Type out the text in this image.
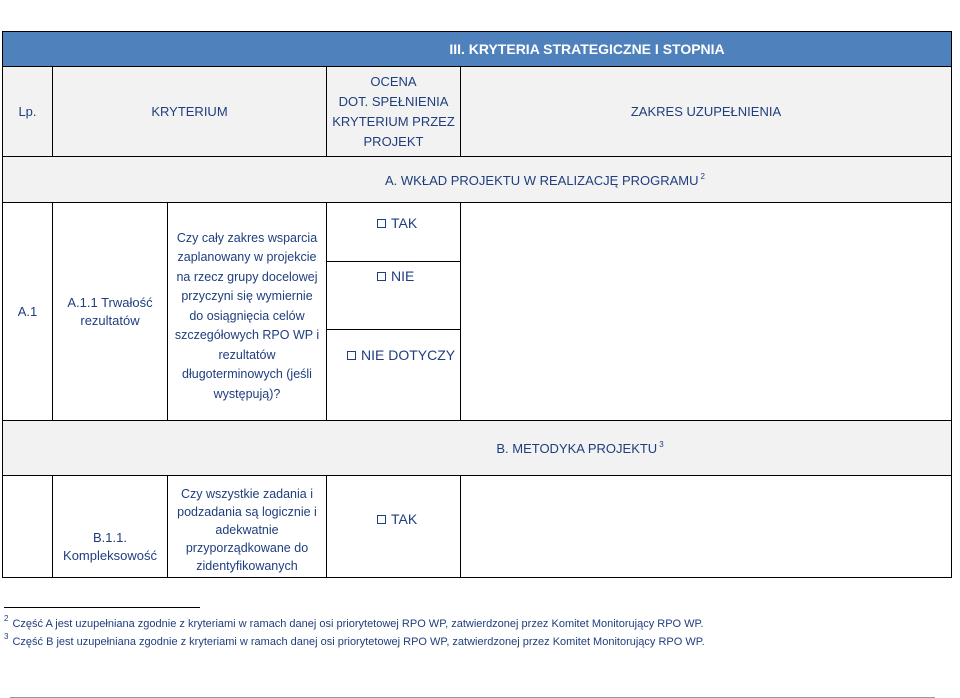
III. KRYTERIA STRATEGICZNE I STOPNIA
Lp.	KRYTERIUM
OCENA
DOT. SPEŁNIENIA
KRYTERIUM PRZEZ
PROJEKT
ZAKRES UZUPEŁNIENIA
A. WKŁAD PROJEKTU W REALIZACJĘ PROGRAMU $^2$
A.1
A.1.1 Trwałość
rezultatów
Czy cały zakres wsparcia
zaplanowany w projekcie
na rzecz grupy docelowej
przyczyni się wymiernie
do osiągnięcia celów
szczegółowych RPO WP i
rezultatów
długoterminowych (jeśli
występują)?
TAK
NIE
NIE DOTYCZY
B. METODYKA PROJEKTU $^3$
B.1.1.
Kompleksowość
Czy wszystkie zadania i
podzadania są logicznie i
adekwatnie
przyporządkowane do
zidentyfikowanych
TAK
$^2$ Część A jest uzupełniana zgodnie z kryteriami w ramach danej osi priorytetowej RPO WP, zatwierdzonej przez Komitet Monitorujący RPO WP.
$^3$ Część B jest uzupełniana zgodnie z kryteriami w ramach danej osi priorytetowej RPO WP, zatwierdzonej przez Komitet Monitorujący RPO WP.
